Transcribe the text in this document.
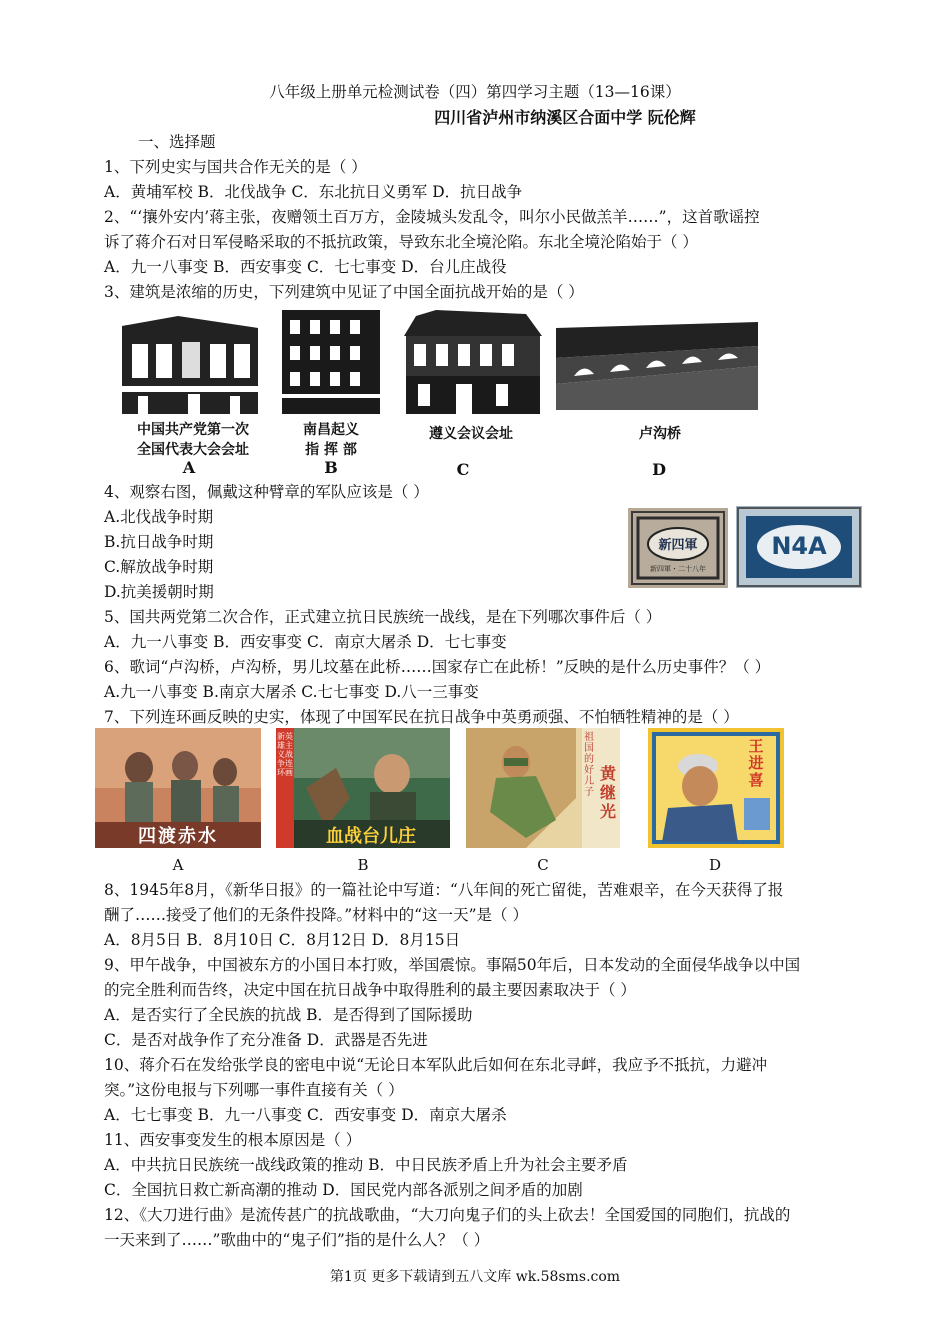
八年级上册单元检测试卷（四）第四学习主题（13—16课）
四川省泸州市纳溪区合面中学 阮伦辉
一、选择题
1、下列史实与国共合作无关的是（ ）
A．黄埔军校 B．北伐战争 C．东北抗日义勇军 D．抗日战争
2、“‘攘外安内’蒋主张，夜赠领土百万方，金陵城头发乱令，叫尔小民做羔羊……”，这首歌谣控
诉了蒋介石对日军侵略采取的不抵抗政策，导致东北全境沦陷。东北全境沦陷始于（ ）
A．九一八事变 B．西安事变 C．七七事变 D．台儿庄战役
3、建筑是浓缩的历史，下列建筑中见证了中国全面抗战开始的是（ ）
中国共产党第一次
全国代表大会会址
南昌起义
指 挥 部
遵义会议会址	卢沟桥
A	B	C	D
4、观察右图，佩戴这种臂章的军队应该是（ ）
A.北伐战争时期
B.抗日战争时期
C.解放战争时期
D.抗美援朝时期
新四軍
新四軍・二十八年
N4A
5、国共两党第二次合作，正式建立抗日民族统一战线，是在下列哪次事件后（ ）
A．九一八事变 B．西安事变 C．南京大屠杀 D．七七事变
6、歌词“卢沟桥，卢沟桥，男儿坟墓在此桥……国家存亡在此桥！”反映的是什么历史事件？（ ）
A.九一八事变 B.南京大屠杀 C.七七事变 D.八一三事变
7、下列连环画反映的史实，体现了中国军民在抗日战争中英勇顽强、不怕牺牲精神的是（ ）
四渡赤水
新英雄主义战争连环画
血战台儿庄
祖国的好儿子
黄继光
王进喜
A	B	C	D
8、1945年8月，《新华日报》的一篇社论中写道：“八年间的死亡留徙，苦难艰辛，在今天获得了报
酬了……接受了他们的无条件投降。”材料中的“这一天”是（ ）
A．8月5日 B．8月10日 C．8月12日 D．8月15日
9、甲午战争，中国被东方的小国日本打败，举国震惊。事隔50年后，日本发动的全面侵华战争以中国
的完全胜利而告终，决定中国在抗日战争中取得胜利的最主要因素取决于（ ）
A．是否实行了全民族的抗战 B．是否得到了国际援助
C．是否对战争作了充分准备 D．武器是否先进
10、蒋介石在发给张学良的密电中说“无论日本军队此后如何在东北寻衅，我应予不抵抗，力避冲
突。”这份电报与下列哪一事件直接有关（ ）
A．七七事变 B．九一八事变 C．西安事变 D．南京大屠杀
11、西安事变发生的根本原因是（ ）
A．中共抗日民族统一战线政策的推动 B．中日民族矛盾上升为社会主要矛盾
C．全国抗日救亡新高潮的推动 D．国民党内部各派别之间矛盾的加剧
12、《大刀进行曲》是流传甚广的抗战歌曲，“大刀向鬼子们的头上砍去！全国爱国的同胞们，抗战的
一天来到了……”歌曲中的“鬼子们”指的是什么人？（ ）
第1页 更多下载请到五八文库 wk.58sms.com
